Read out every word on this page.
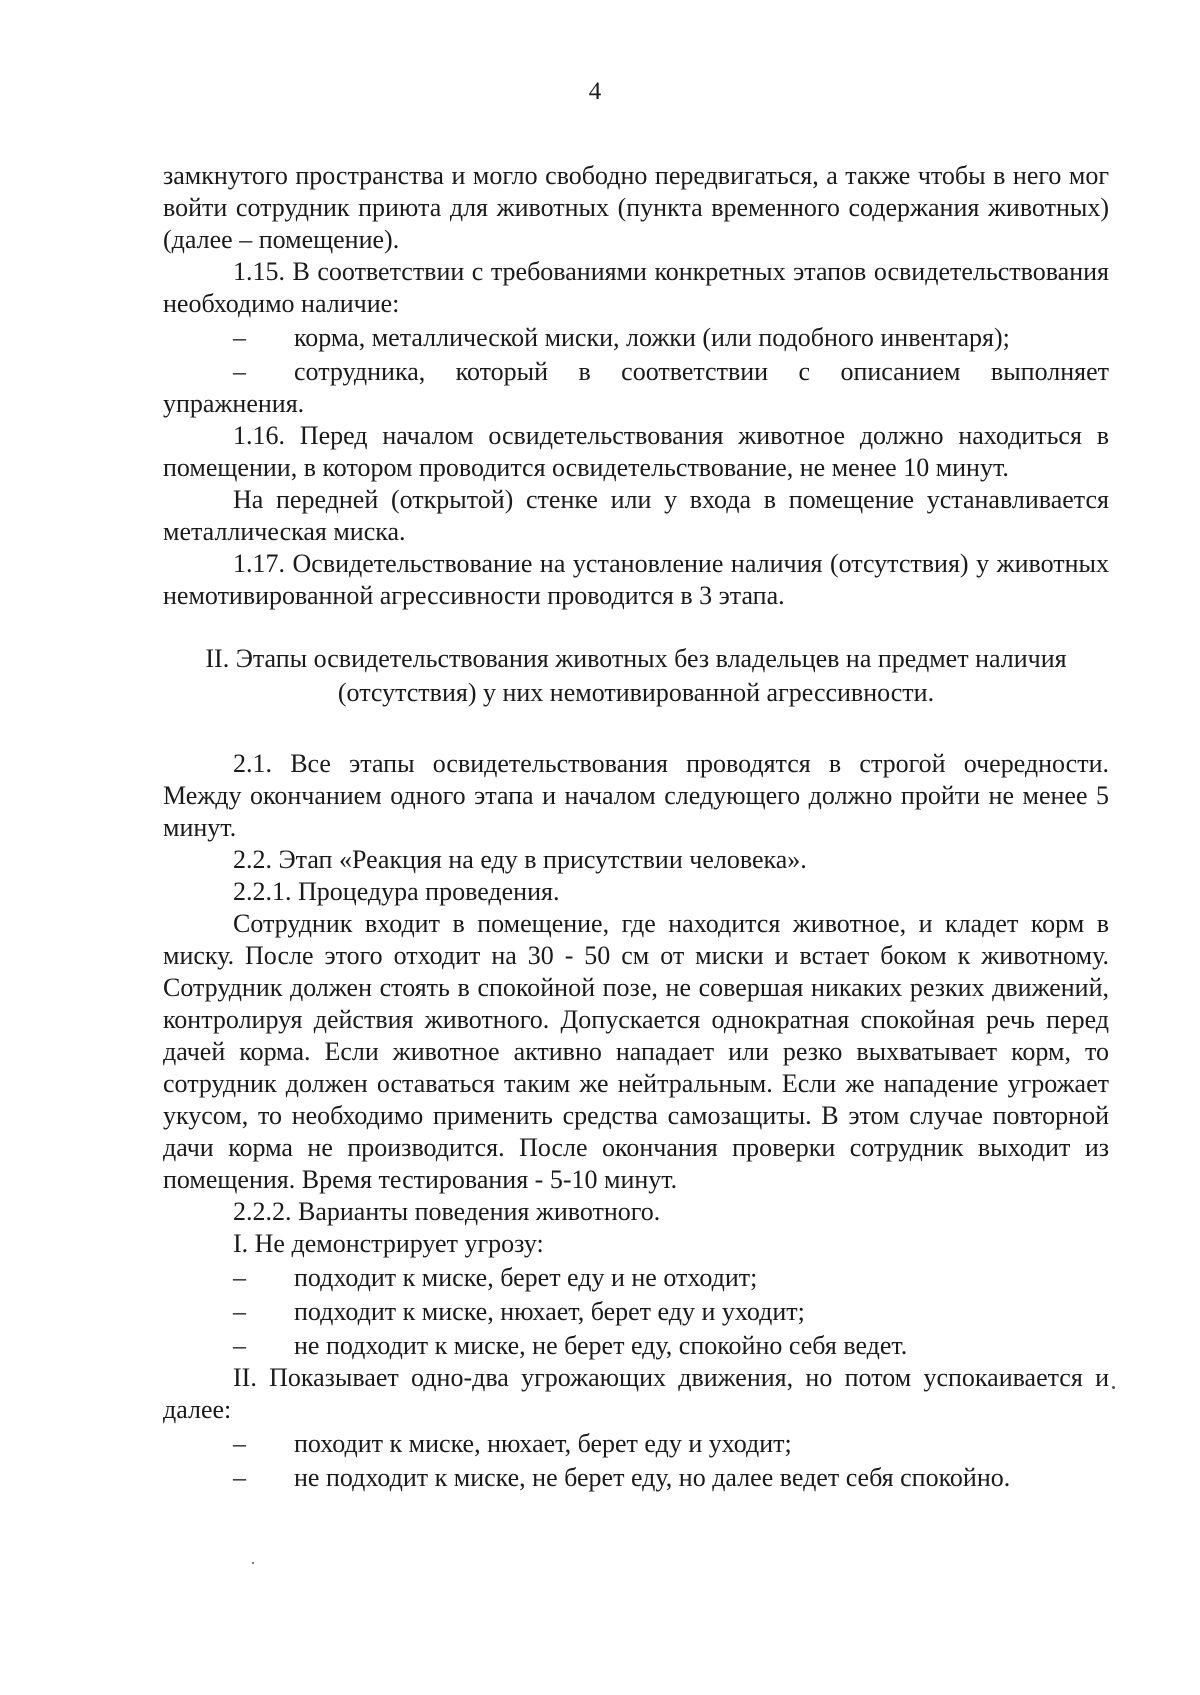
4

замкнутого пространства и могло свободно передвигаться, а также чтобы в него мог войти сотрудник приюта для животных (пункта временного содержания животных) (далее – помещение).

1.15. В соответствии с требованиями конкретных этапов освидетельствования необходимо наличие:

– корма, металлической миски, ложки (или подобного инвентаря);
– сотрудника, который в соответствии с описанием выполняет упражнения.

1.16. Перед началом освидетельствования животное должно находиться в помещении, в котором проводится освидетельствование, не менее 10 минут.

На передней (открытой) стенке или у входа в помещение устанавливается металлическая миска.

1.17. Освидетельствование на установление наличия (отсутствия) у животных немотивированной агрессивности проводится в 3 этапа.

II. Этапы освидетельствования животных без владельцев на предмет наличия (отсутствия) у них немотивированной агрессивности.

2.1. Все этапы освидетельствования проводятся в строгой очередности. Между окончанием одного этапа и началом следующего должно пройти не менее 5 минут.

2.2. Этап «Реакция на еду в присутствии человека».

2.2.1. Процедура проведения.

Сотрудник входит в помещение, где находится животное, и кладет корм в миску. После этого отходит на 30 - 50 см от миски и встает боком к животному. Сотрудник должен стоять в спокойной позе, не совершая никаких резких движений, контролируя действия животного. Допускается однократная спокойная речь перед дачей корма. Если животное активно нападает или резко выхватывает корм, то сотрудник должен оставаться таким же нейтральным. Если же нападение угрожает укусом, то необходимо применить средства самозащиты. В этом случае повторной дачи корма не производится. После окончания проверки сотрудник выходит из помещения. Время тестирования - 5-10 минут.

2.2.2. Варианты поведения животного.

I. Не демонстрирует угрозу:

– подходит к миске, берет еду и не отходит;
– подходит к миске, нюхает, берет еду и уходит;
– не подходит к миске, не берет еду, спокойно себя ведет.

II. Показывает одно-два угрожающих движения, но потом успокаивается и далее:

– походит к миске, нюхает, берет еду и уходит;
– не подходит к миске, не берет еду, но далее ведет себя спокойно.
